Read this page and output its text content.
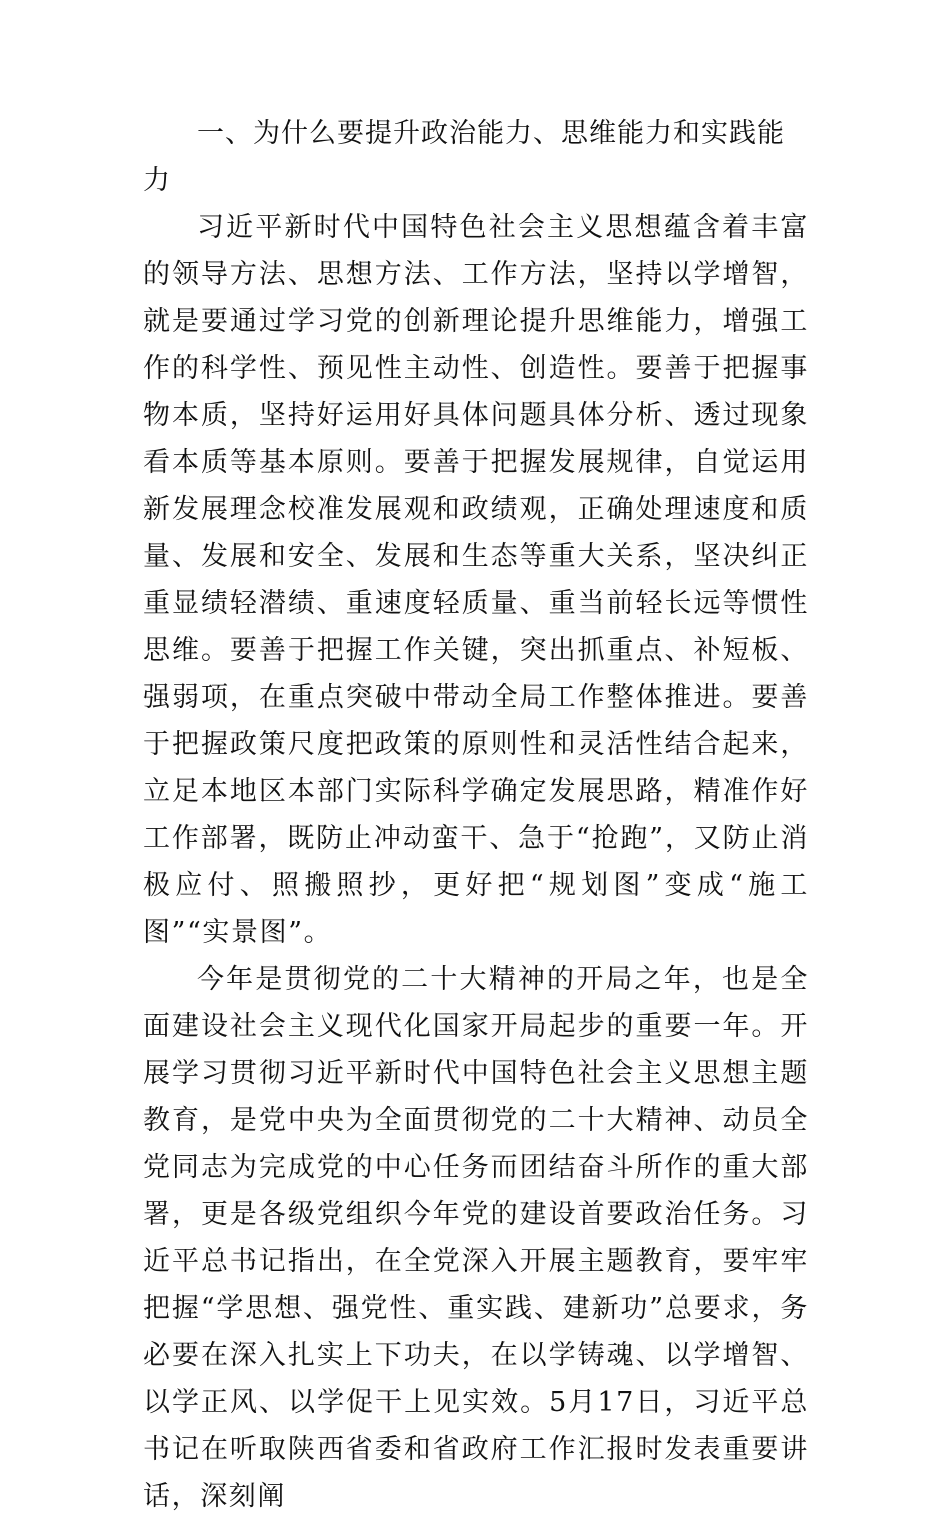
一、为什么要提升政治能力、思维能力和实践能力

习近平新时代中国特色社会主义思想蕴含着丰富的领导方法、思想方法、工作方法，坚持以学增智，就是要通过学习党的创新理论提升思维能力，增强工作的科学性、预见性主动性、创造性。要善于把握事物本质，坚持好运用好具体问题具体分析、透过现象看本质等基本原则。要善于把握发展规律，自觉运用新发展理念校准发展观和政绩观，正确处理速度和质量、发展和安全、发展和生态等重大关系，坚决纠正重显绩轻潜绩、重速度轻质量、重当前轻长远等惯性思维。要善于把握工作关键，突出抓重点、补短板、强弱项，在重点突破中带动全局工作整体推进。要善于把握政策尺度把政策的原则性和灵活性结合起来，立足本地区本部门实际科学确定发展思路，精准作好工作部署，既防止冲动蛮干、急于“抢跑”，又防止消极应付、照搬照抄，更好把“规划图”变成“施工图”“实景图”。

今年是贯彻党的二十大精神的开局之年，也是全面建设社会主义现代化国家开局起步的重要一年。开展学习贯彻习近平新时代中国特色社会主义思想主题教育，是党中央为全面贯彻党的二十大精神、动员全党同志为完成党的中心任务而团结奋斗所作的重大部署，更是各级党组织今年党的建设首要政治任务。习近平总书记指出，在全党深入开展主题教育，要牢牢把握“学思想、强党性、重实践、建新功”总要求，务必要在深入扎实上下功夫，在以学铸魂、以学增智、以学正风、以学促干上见实效。5月17日，习近平总书记在听取陕西省委和省政府工作汇报时发表重要讲话，深刻阐
